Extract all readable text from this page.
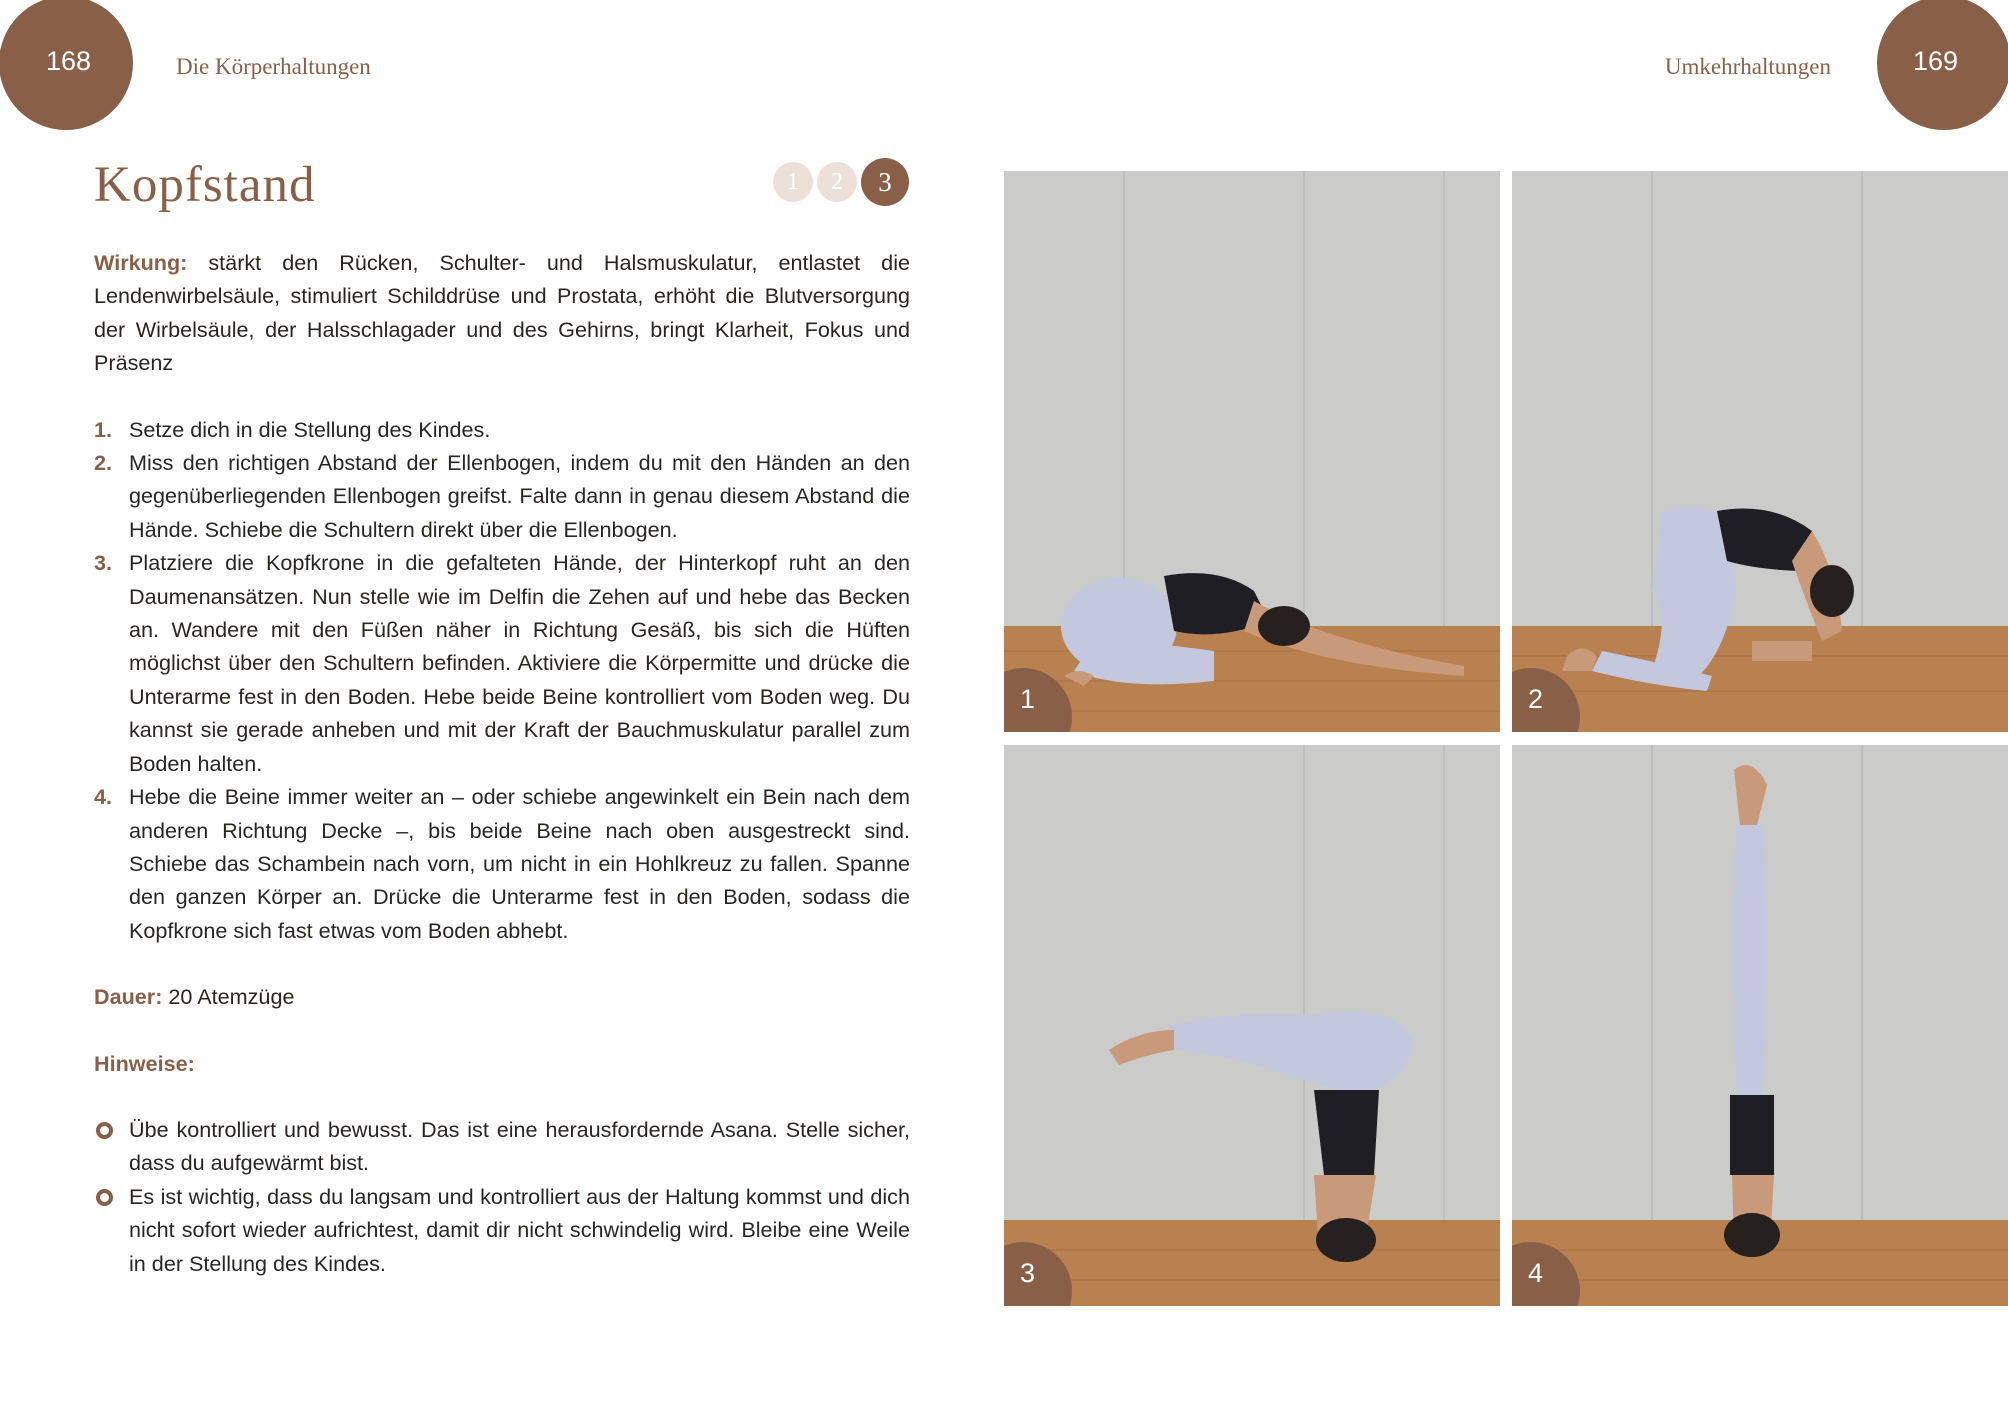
168	Die Körperhaltungen	Umkehrhaltungen	169
Kopfstand	1	2	3

Wirkung: stärkt den Rücken, Schulter- und Halsmuskulatur, entlastet die Lendenwirbelsäule, stimuliert Schilddrüse und Prostata, erhöht die Blutversorgung der Wirbelsäule, der Halsschlagader und des Gehirns, bringt Klarheit, Fokus und Präsenz

1. Setze dich in die Stellung des Kindes.
2. Miss den richtigen Abstand der Ellenbogen, indem du mit den Händen an den gegenüberliegenden Ellenbogen greifst. Falte dann in genau diesem Abstand die Hände. Schiebe die Schultern direkt über die Ellenbogen.
3. Platziere die Kopfkrone in die gefalteten Hände, der Hinterkopf ruht an den Daumenansätzen. Nun stelle wie im Delfin die Zehen auf und hebe das Becken an. Wandere mit den Füßen näher in Richtung Gesäß, bis sich die Hüften möglichst über den Schultern befinden. Aktiviere die Körpermitte und drücke die Unterarme fest in den Boden. Hebe beide Beine kontrolliert vom Boden weg. Du kannst sie gerade anheben und mit der Kraft der Bauchmuskulatur parallel zum Boden halten.
4. Hebe die Beine immer weiter an – oder schiebe angewinkelt ein Bein nach dem anderen Richtung Decke –, bis beide Beine nach oben ausgestreckt sind. Schiebe das Schambein nach vorn, um nicht in ein Hohlkreuz zu fallen. Spanne den ganzen Körper an. Drücke die Unterarme fest in den Boden, sodass die Kopfkrone sich fast etwas vom Boden abhebt.

Dauer: 20 Atemzüge

Hinweise:

Übe kontrolliert und bewusst. Das ist eine herausfordernde Asana. Stelle sicher, dass du aufgewärmt bist.
Es ist wichtig, dass du langsam und kontrolliert aus der Haltung kommst und dich nicht sofort wieder aufrichtest, damit dir nicht schwindelig wird. Bleibe eine Weile in der Stellung des Kindes.
1	2
3	4
